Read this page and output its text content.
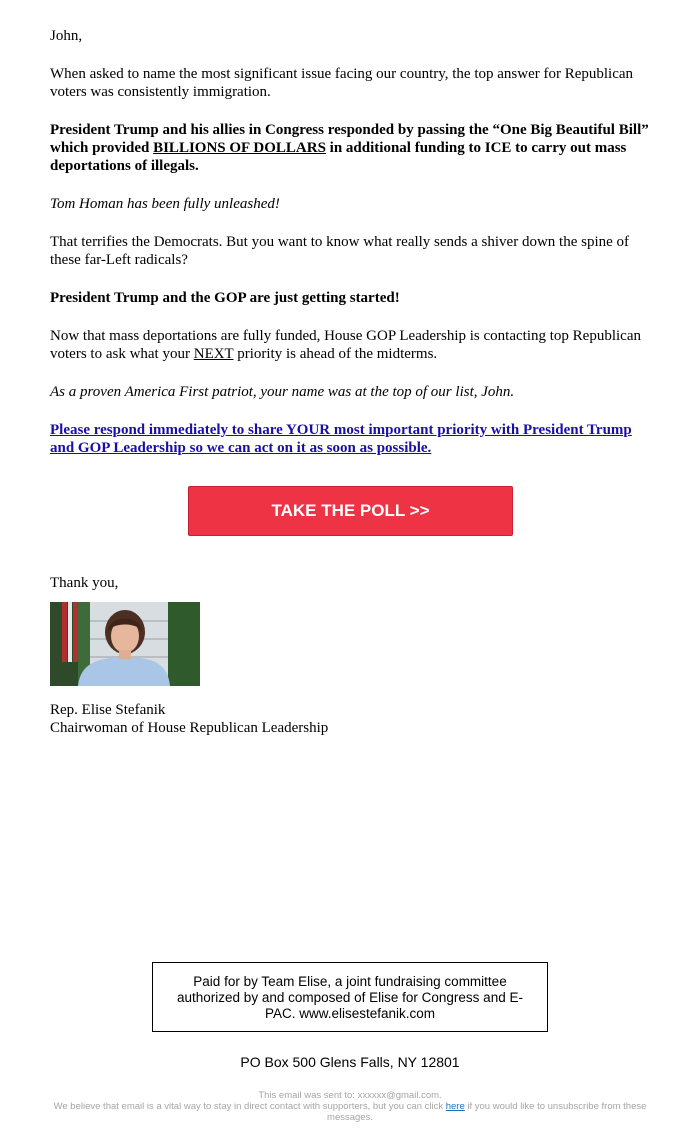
John,

When asked to name the most significant issue facing our country, the top answer for Republican voters was consistently immigration.

President Trump and his allies in Congress responded by passing the “One Big Beautiful Bill” which provided BILLIONS OF DOLLARS in additional funding to ICE to carry out mass deportations of illegals.

Tom Homan has been fully unleashed!

That terrifies the Democrats. But you want to know what really sends a shiver down the spine of these far-Left radicals?

President Trump and the GOP are just getting started!

Now that mass deportations are fully funded, House GOP Leadership is contacting top Republican voters to ask what your NEXT priority is ahead of the midterms.

As a proven America First patriot, your name was at the top of our list, John.

Please respond immediately to share YOUR most important priority with President Trump and GOP Leadership so we can act on it as soon as possible.

TAKE THE POLL >>
Thank you,
Rep. Elise Stefanik
Chairwoman of House Republican Leadership
Paid for by Team Elise, a joint fundraising committee authorized by and composed of Elise for Congress and E-PAC. www.elisestefanik.com
PO Box 500 Glens Falls, NY 12801
This email was sent to: xxxxxx@gmail.com.
We believe that email is a vital way to stay in direct contact with supporters, but you can click here if you would like to unsubscribe from these messages.
